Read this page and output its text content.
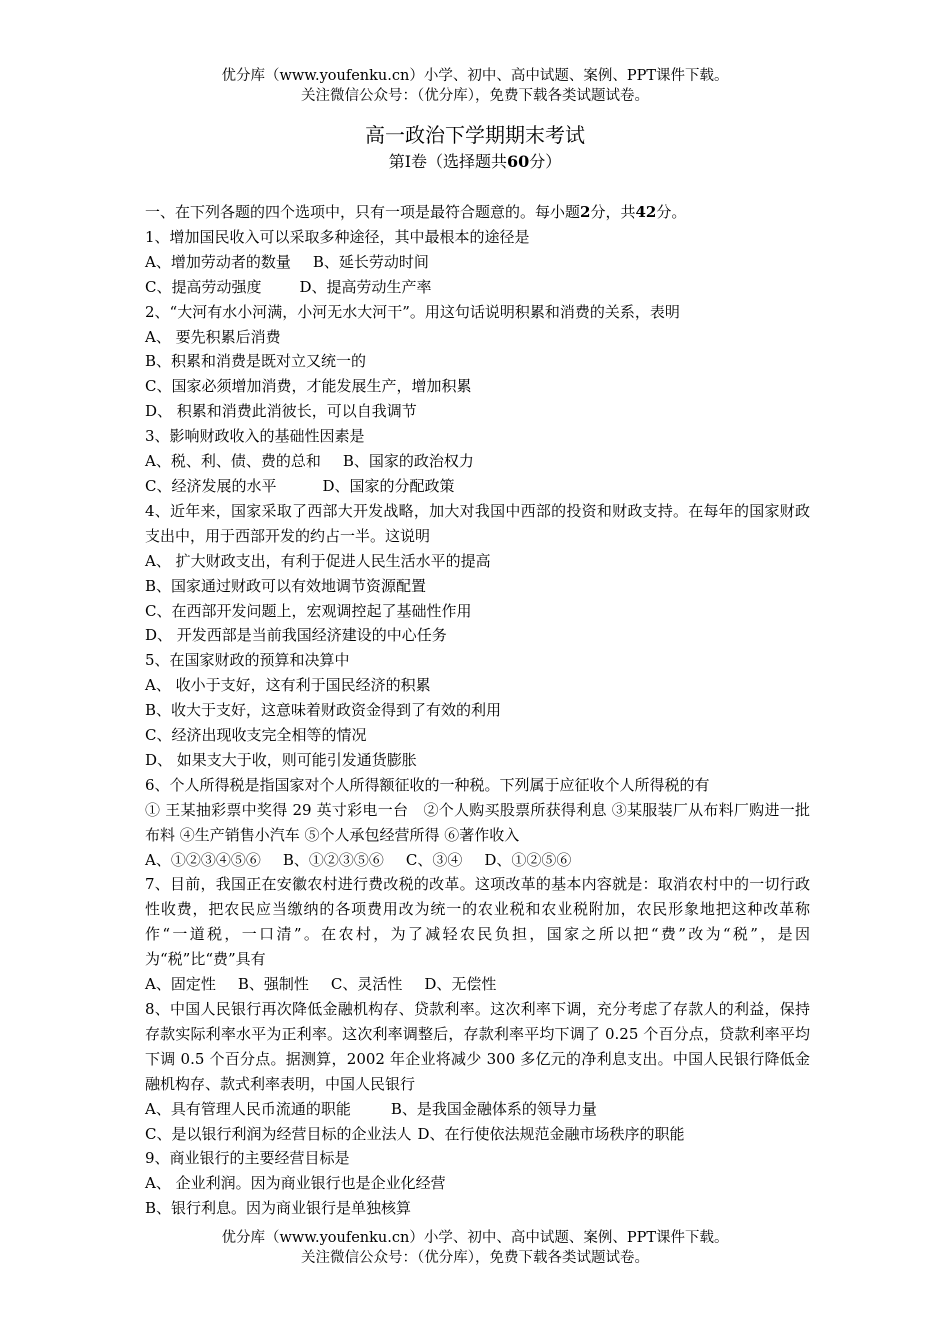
优分库（www.youfenku.cn）小学、初中、高中试题、案例、PPT课件下载。
关注微信公众号：（优分库），免费下载各类试题试卷。
高一政治下学期期末考试
第Ⅰ卷（选择题共60分）

一、在下列各题的四个选项中，只有一项是最符合题意的。每小题2分，共42分。

1、增加国民收入可以采取多种途径，其中最根本的途径是

A、增加劳动者的数量 B、延长劳动时间

C、提高劳动强度	D、提高劳动生产率

2、“大河有水小河满，小河无水大河干”。用这句话说明积累和消费的关系，表明

A、 要先积累后消费

B、积累和消费是既对立又统一的

C、国家必须增加消费，才能发展生产，增加积累

D、 积累和消费此消彼长，可以自我调节

3、影响财政收入的基础性因素是

A、税、利、债、费的总和 B、国家的政治权力

C、经济发展的水平	D、国家的分配政策

4、近年来，国家采取了西部大开发战略，加大对我国中西部的投资和财政支持。在每年的国家财政支出中，用于西部开发的约占一半。这说明

A、 扩大财政支出，有利于促进人民生活水平的提高

B、国家通过财政可以有效地调节资源配置

C、在西部开发问题上，宏观调控起了基础性作用

D、 开发西部是当前我国经济建设的中心任务

5、在国家财政的预算和决算中

A、 收小于支好，这有利于国民经济的积累

B、收大于支好，这意味着财政资金得到了有效的利用

C、经济出现收支完全相等的情况

D、 如果支大于收，则可能引发通货膨胀

6、个人所得税是指国家对个人所得额征收的一种税。下列属于应征收个人所得税的有

① 王某抽彩票中奖得 29 英寸彩电一台　②个人购买股票所获得利息 ③某服装厂从布料厂购进一批布料 ④生产销售小汽车 ⑤个人承包经营所得 ⑥著作收入

A、①②③④⑤⑥ B、①②③⑤⑥ C、③④ D、①②⑤⑥

7、目前，我国正在安徽农村进行费改税的改革。这项改革的基本内容就是：取消农村中的一切行政性收费，把农民应当缴纳的各项费用改为统一的农业税和农业税附加，农民形象地把这种改革称作“一道税，一口清”。在农村，为了减轻农民负担，国家之所以把“费”改为“税”，是因为“税”比“费”具有

A、固定性 B、强制性 C、灵活性 D、无偿性

8、中国人民银行再次降低金融机构存、贷款利率。这次利率下调，充分考虑了存款人的利益，保持存款实际利率水平为正利率。这次利率调整后，存款利率平均下调了 0.25 个百分点，贷款利率平均下调 0.5 个百分点。据测算，2002 年企业将减少 300 多亿元的净利息支出。中国人民银行降低金融机构存、款式利率表明，中国人民银行

A、具有管理人民币流通的职能	B、是我国金融体系的领导力量

C、是以银行利润为经营目标的企业法人 D、在行使依法规范金融市场秩序的职能

9、商业银行的主要经营目标是

A、 企业利润。因为商业银行也是企业化经营

B、银行利息。因为商业银行是单独核算

优分库（www.youfenku.cn）小学、初中、高中试题、案例、PPT课件下载。
关注微信公众号：（优分库），免费下载各类试题试卷。
